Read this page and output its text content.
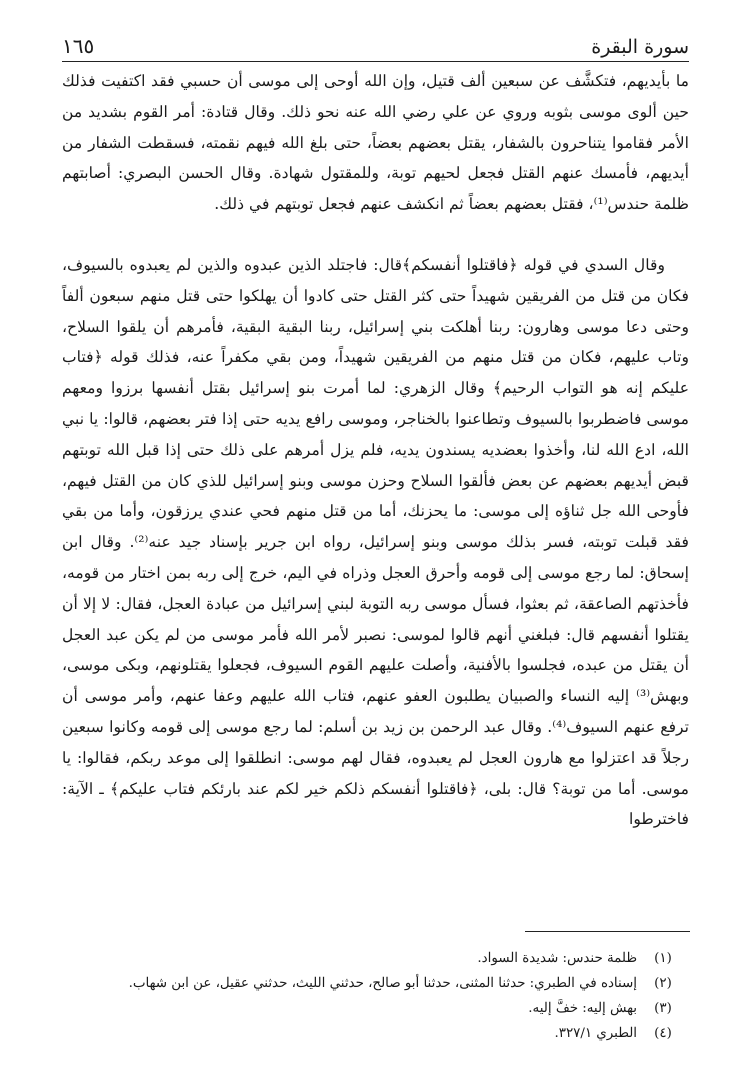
سورة البقرة
١٦٥

ما بأيديهم، فتكشَّف عن سبعين ألف قتيل، وإن الله أوحى إلى موسى أن حسبي فقد اكتفيت فذلك حين ألوى موسى بثوبه وروي عن علي رضي الله عنه نحو ذلك. وقال قتادة: أمر القوم بشديد من الأمر فقاموا يتناحرون بالشفار، يقتل بعضهم بعضاً، حتى بلغ الله فيهم نقمته، فسقطت الشفار من أيديهم، فأمسك عنهم القتل فجعل لحيهم توبة، وللمقتول شهادة. وقال الحسن البصري: أصابتهم ظلمة حندس⁽¹⁾، فقتل بعضهم بعضاً ثم انكشف عنهم فجعل توبتهم في ذلك.

وقال السدي في قوله ﴿فاقتلوا أنفسكم﴾قال: فاجتلد الذين عبدوه والذين لم يعبدوه بالسيوف، فكان من قتل من الفريقين شهيداً حتى كثر القتل حتى كادوا أن يهلكوا حتى قتل منهم سبعون ألفاً وحتى دعا موسى وهارون: ربنا أهلكت بني إسرائيل، ربنا البقية البقية، فأمرهم أن يلقوا السلاح، وتاب عليهم، فكان من قتل منهم من الفريقين شهيداً، ومن بقي مكفراً عنه، فذلك قوله ﴿فتاب عليكم إنه هو التواب الرحيم﴾ وقال الزهري: لما أمرت بنو إسرائيل بقتل أنفسها برزوا ومعهم موسى فاضطربوا بالسيوف وتطاعنوا بالخناجر، وموسى رافع يديه حتى إذا فتر بعضهم، قالوا: يا نبي الله، ادع الله لنا، وأخذوا بعضديه يسندون يديه، فلم يزل أمرهم على ذلك حتى إذا قبل الله توبتهم قبض أيديهم بعضهم عن بعض فألقوا السلاح وحزن موسى وبنو إسرائيل للذي كان من القتل فيهم، فأوحى الله جل ثناؤه إلى موسى: ما يحزنك، أما من قتل منهم فحي عندي يرزقون، وأما من بقي فقد قبلت توبته، فسر بذلك موسى وبنو إسرائيل، رواه ابن جرير بإسناد جيد عنه⁽²⁾. وقال ابن إسحاق: لما رجع موسى إلى قومه وأحرق العجل وذراه في اليم، خرج إلى ربه بمن اختار من قومه، فأخذتهم الصاعقة، ثم بعثوا، فسأل موسى ربه التوبة لبني إسرائيل من عبادة العجل، فقال: لا إلا أن يقتلوا أنفسهم قال: فبلغني أنهم قالوا لموسى: نصبر لأمر الله فأمر موسى من لم يكن عبد العجل أن يقتل من عبده، فجلسوا بالأفنية، وأصلت عليهم القوم السيوف، فجعلوا يقتلونهم، وبكى موسى، وبهش⁽³⁾ إليه النساء والصبيان يطلبون العفو عنهم، فتاب الله عليهم وعفا عنهم، وأمر موسى أن ترفع عنهم السيوف⁽⁴⁾. وقال عبد الرحمن بن زيد بن أسلم: لما رجع موسى إلى قومه وكانوا سبعين رجلاً قد اعتزلوا مع هارون العجل لم يعبدوه، فقال لهم موسى: انطلقوا إلى موعد ربكم، فقالوا: يا موسى. أما من توبة؟ قال: بلى، ﴿فاقتلوا أنفسكم ذلكم خير لكم عند بارئكم فتاب عليكم﴾ ـ الآية: فاخترطوا

(١)
ظلمة حندس: شديدة السواد.
(٢)
إسناده في الطبري: حدثنا المثنى، حدثنا أبو صالح، حدثني الليث، حدثني عقيل، عن ابن شهاب.
(٣)
بهش إليه: خفَّ إليه.
(٤)
الطبري ٣٢٧/١.
